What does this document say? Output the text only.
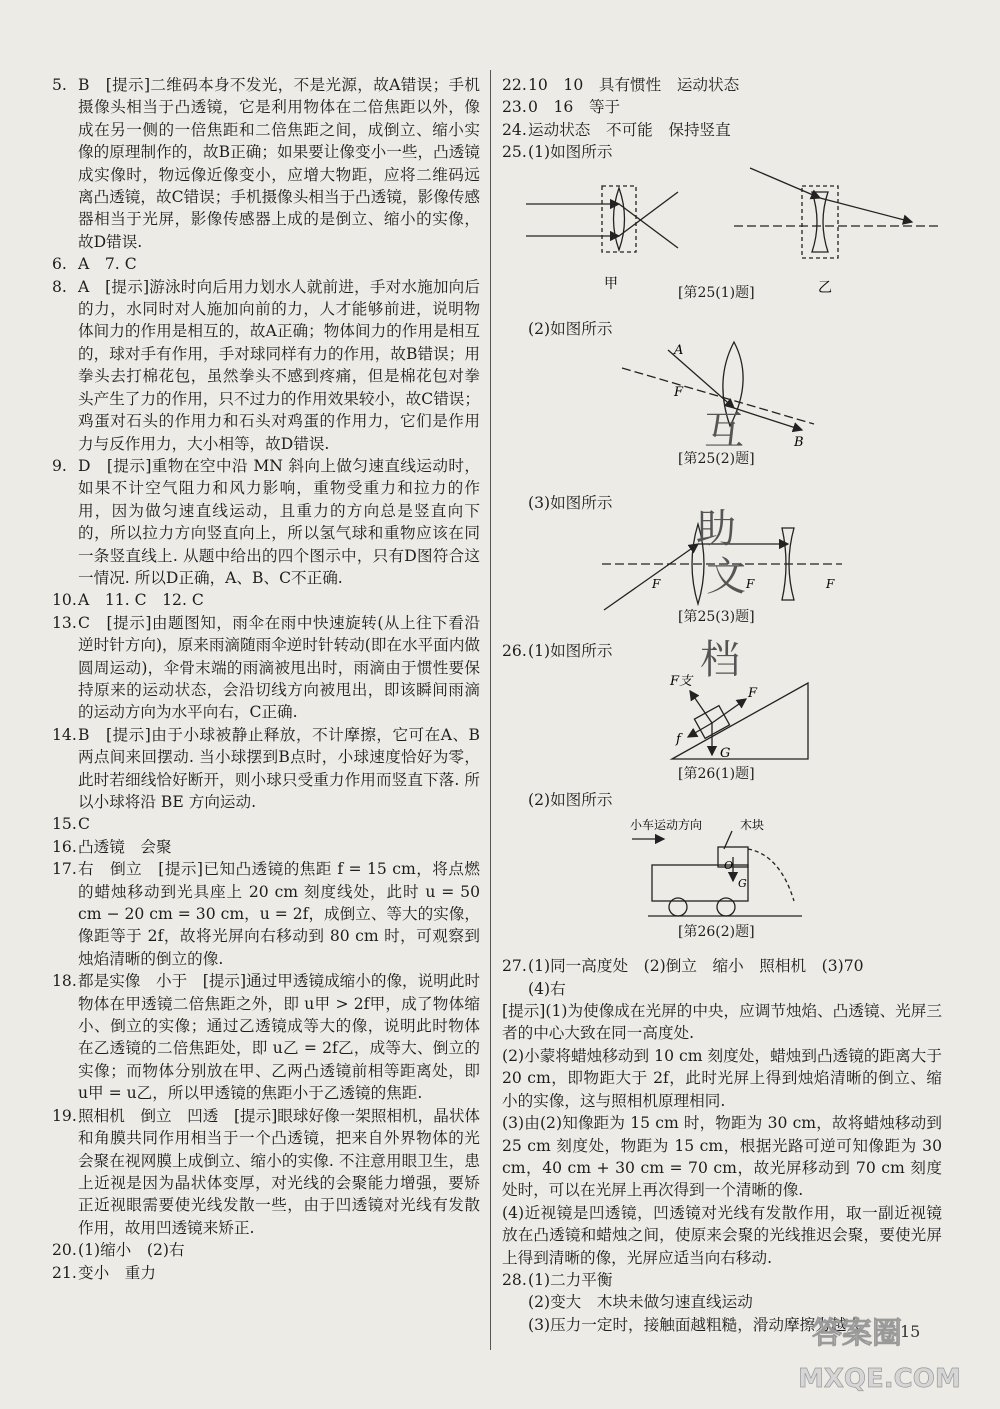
5. B　[提示]二维码本身不发光，不是光源，故A错误；手机摄像头相当于凸透镜，它是利用物体在二倍焦距以外，像成在另一侧的一倍焦距和二倍焦距之间，成倒立、缩小实像的原理制作的，故B正确；如果要让像变小一些，凸透镜成实像时，物远像近像变小，应增大物距，应将二维码远离凸透镜，故C错误；手机摄像头相当于凸透镜，影像传感器相当于光屏，影像传感器上成的是倒立、缩小的实像，故D错误.
6. A　7. C
8. A　[提示]游泳时向后用力划水人就前进，手对水施加向后的力，水同时对人施加向前的力，人才能够前进，说明物体间力的作用是相互的，故A正确；物体间力的作用是相互的，球对手有作用，手对球同样有力的作用，故B错误；用拳头去打棉花包，虽然拳头不感到疼痛，但是棉花包对拳头产生了力的作用，只不过力的作用效果较小，故C错误；鸡蛋对石头的作用力和石头对鸡蛋的作用力，它们是作用力与反作用力，大小相等，故D错误.
9. D　[提示]重物在空中沿 MN 斜向上做匀速直线运动时，如果不计空气阻力和风力影响，重物受重力和拉力的作用，因为做匀速直线运动，且重力的方向总是竖直向下的，所以拉力方向竖直向上，所以氢气球和重物应该在同一条竖直线上. 从题中给出的四个图示中，只有D图符合这一情况. 所以D正确，A、B、C不正确.
10. A　11. C　12. C
13. C　[提示]由题图知，雨伞在雨中快速旋转(从上往下看沿逆时针方向)，原来雨滴随雨伞逆时针转动(即在水平面内做圆周运动)，伞骨末端的雨滴被甩出时，雨滴由于惯性要保持原来的运动状态，会沿切线方向被甩出，即该瞬间雨滴的运动方向为水平向右，C正确.
14. B　[提示]由于小球被静止释放，不计摩擦，它可在A、B两点间来回摆动. 当小球摆到B点时，小球速度恰好为零，此时若细线恰好断开，则小球只受重力作用而竖直下落. 所以小球将沿 BE 方向运动.
15. C
16. 凸透镜　会聚
17. 右　倒立　[提示]已知凸透镜的焦距 f = 15 cm，将点燃的蜡烛移动到光具座上 20 cm 刻度线处，此时 u = 50 cm − 20 cm = 30 cm，u = 2f，成倒立、等大的实像，像距等于 2f，故将光屏向右移动到 80 cm 时，可观察到烛焰清晰的倒立的像.
18. 都是实像　小于　[提示]通过甲透镜成缩小的像，说明此时物体在甲透镜二倍焦距之外，即 u甲 > 2f甲，成了物体缩小、倒立的实像；通过乙透镜成等大的像，说明此时物体在乙透镜的二倍焦距处，即 u乙 = 2f乙，成等大、倒立的实像；而物体分别放在甲、乙两凸透镜前相等距离处，即 u甲 = u乙，所以甲透镜的焦距小于乙透镜的焦距.
19. 照相机　倒立　凹透　[提示]眼球好像一架照相机，晶状体和角膜共同作用相当于一个凸透镜，把来自外界物体的光会聚在视网膜上成倒立、缩小的实像. 不注意用眼卫生，患上近视是因为晶状体变厚，对光线的会聚能力增强，要矫正近视眼需要使光线发散一些，由于凹透镜对光线有发散作用，故用凹透镜来矫正.
20. (1)缩小　(2)右
21. 变小　重力
22. 10　10　具有惯性　运动状态
23. 0　16　等于
24. 运动状态　不可能　保持竖直
25. (1)如图所示
甲	乙
[第25(1)题]
(2)如图所示
A
F
B
互
[第25(2)题]
(3)如图所示
F	F	F
助
文
[第25(3)题]
26. (1)如图所示
F支
F
f
G
档
[第26(1)题]
(2)如图所示
小车运动方向	木块
O
G
[第26(2)题]
27. (1)同一高度处　(2)倒立　缩小　照相机　(3)70
(4)右
[提示](1)为使像成在光屏的中央，应调节烛焰、凸透镜、光屏三者的中心大致在同一高度处.
(2)小蒙将蜡烛移动到 10 cm 刻度处，蜡烛到凸透镜的距离大于 20 cm，即物距大于 2f，此时光屏上得到烛焰清晰的倒立、缩小的实像，这与照相机原理相同.
(3)由(2)知像距为 15 cm 时，物距为 30 cm，故将蜡烛移动到 25 cm 刻度处，物距为 15 cm，根据光路可逆可知像距为 30 cm，40 cm + 30 cm = 70 cm，故光屏移动到 70 cm 刻度处时，可以在光屏上再次得到一个清晰的像.
(4)近视镜是凹透镜，凹透镜对光线有发散作用，取一副近视镜放在凸透镜和蜡烛之间，使原来会聚的光线推迟会聚，要使光屏上得到清晰的像，光屏应适当向右移动.
28. (1)二力平衡
(2)变大　木块未做匀速直线运动
(3)压力一定时，接触面越粗糙，滑动摩擦力越大	15
答案圈
MXQE.COM
